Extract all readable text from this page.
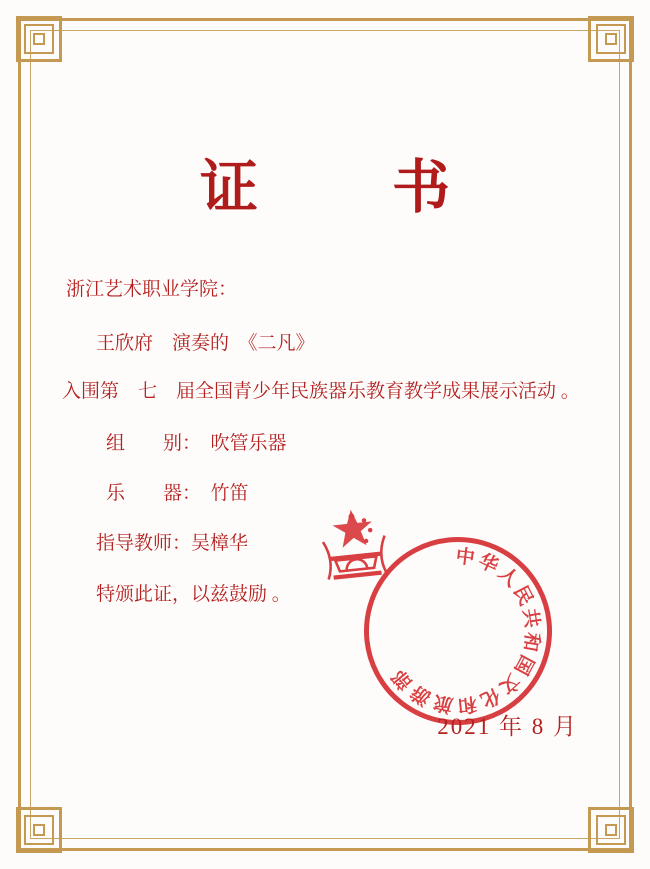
证　书
浙江艺术职业学院：
王欣府　演奏的　《二凡》
入围第　七　届全国青少年民族器乐教育教学成果展示活动 。
组　　别：　吹管乐器
乐　　器：　竹笛
指导教师：吴樟华
特颁此证，以兹鼓励 。
中华人民共和国文化和旅游部
2021 年 8 月
